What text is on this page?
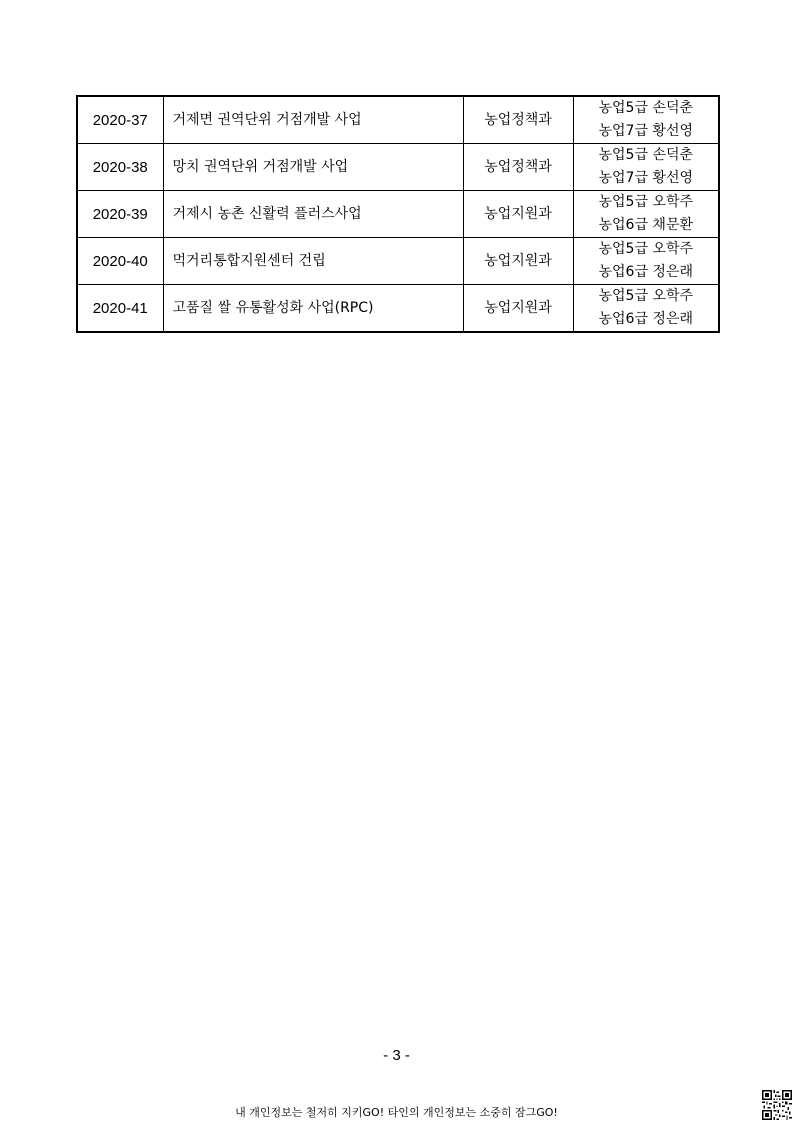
2020-37	거제면 권역단위 거점개발 사업	농업정책과	농업5급 손덕춘
농업7급 황선영

2020-38	망치 권역단위 거점개발 사업	농업정책과	농업5급 손덕춘
농업7급 황선영

2020-39	거제시 농촌 신활력 플러스사업	농업지원과	농업5급 오학주
농업6급 채문환

2020-40	먹거리통합지원센터 건립	농업지원과	농업5급 오학주
농업6급 정은래

2020-41	고품질 쌀 유통활성화 사업(RPC)	농업지원과	농업5급 오학주
농업6급 정은래
- 3 -
내 개인정보는 철저히 지키GO! 타인의 개인정보는 소중히 잠그GO!
